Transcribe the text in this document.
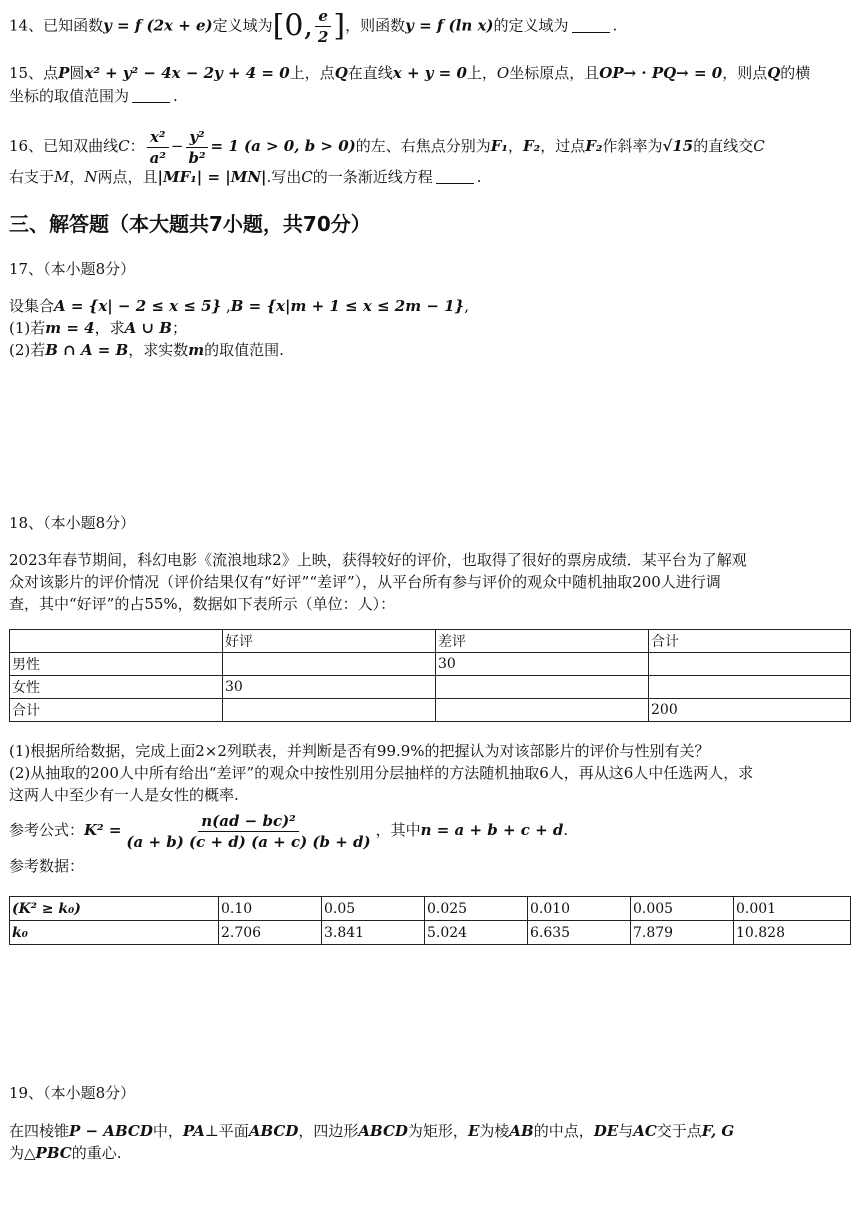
14、已知函数y = f (2x + e)定义域为[0, $\frac{e}{2}$ ]，则函数y = f (ln x)的定义域为	.
15、点P圆x² + y² − 4x − 2y + 4 = 0上，点Q在直线x + y = 0上，O坐标原点，且OP→ · PQ→ = 0，则点Q的横
坐标的取值范围为	.
16、已知双曲线C： $\frac{\text{x²}}{\text{a²}} - \frac{\text{y²}}{\text{b²}} = 1$ (a > 0, b > 0)的左、右焦点分别为F₁，F₂，过点F₂作斜率为√15的直线交C
右支于M，N两点，且|MF₁| = |MN|.写出C的一条渐近线方程	.
三、解答题（本大题共7小题，共70分）
17、（本小题8分）
设集合A = {x| − 2 ≤ x ≤ 5} ,B = {x|m + 1 ≤ x ≤ 2m − 1},
(1)若m = 4，求A ∪ B；
(2)若B ∩ A = B，求实数m的取值范围.
18、（本小题8分）
2023年春节期间，科幻电影《流浪地球2》上映，获得较好的评价，也取得了很好的票房成绩．某平台为了解观
众对该影片的评价情况（评价结果仅有“好评”“差评”），从平台所有参与评价的观众中随机抽取200人进行调
查，其中“好评”的占55%，数据如下表所示（单位：人）：
	好评	差评	合计
男性		30	
女性	30		
合计			200
(1)根据所给数据，完成上面2×2列联表，并判断是否有99.9%的把握认为对该部影片的评价与性别有关？
(2)从抽取的200人中所有给出“差评”的观众中按性别用分层抽样的方法随机抽取6人，再从这6人中任选两人，求
这两人中至少有一人是女性的概率.
参考公式：$K^2 = \frac{\text{n(ad − bc)²}}{(a + b) (c + d) (a + c) (b + d)}$ ，其中n = a + b + c + d.
参考数据：
(K² ≥ k₀)	0.10	0.05	0.025	0.010	0.005	0.001
k₀	2.706	3.841	5.024	6.635	7.879	10.828
19、（本小题8分）
在四棱锥P − ABCD中，PA⊥平面ABCD，四边形ABCD为矩形，E为棱AB的中点，DE与AC交于点F, G
为△PBC的重心.
